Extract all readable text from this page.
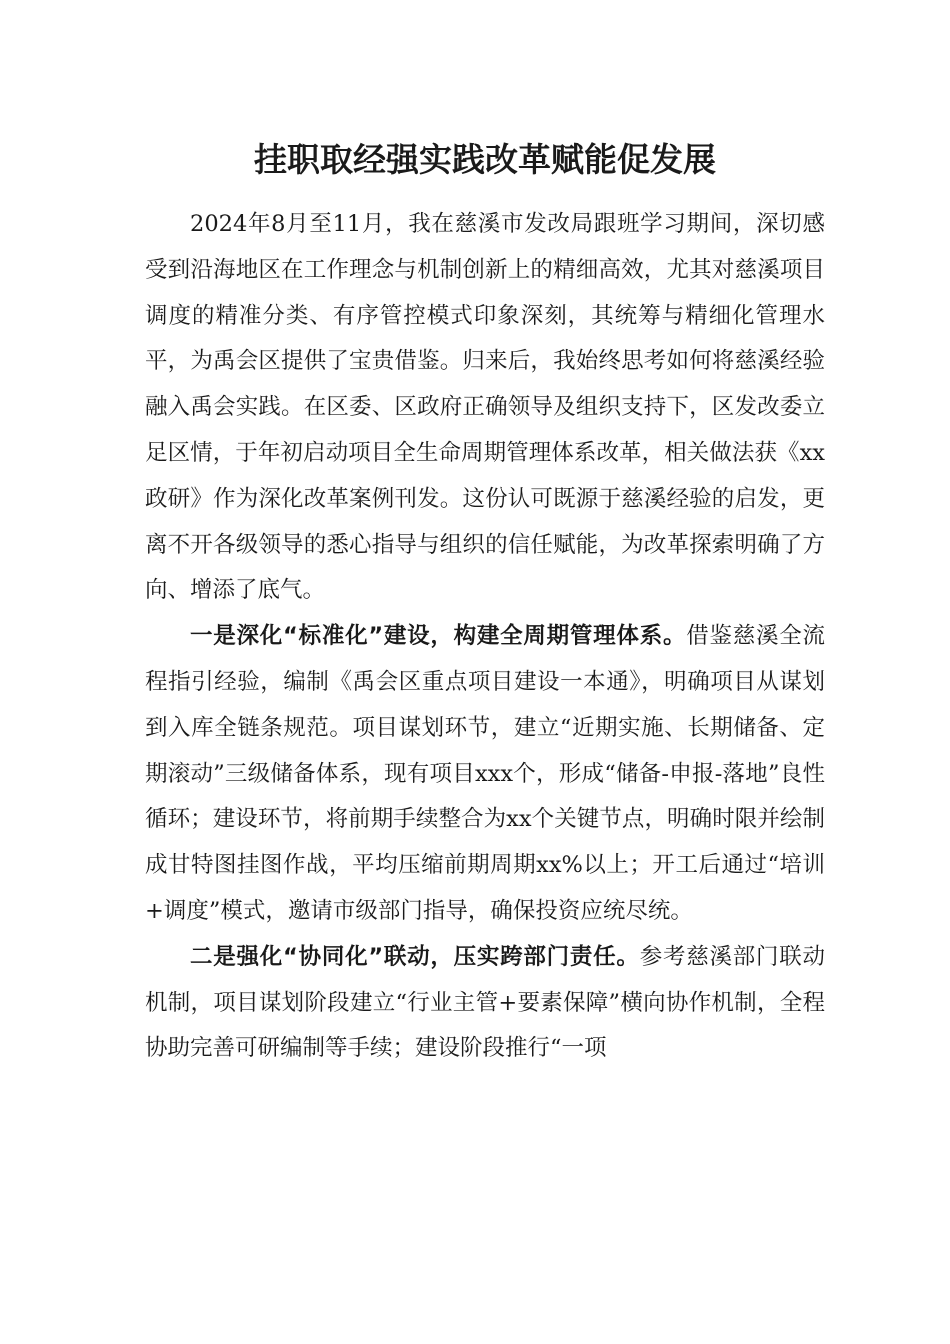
挂职取经强实践改革赋能促发展

2024年8月至11月，我在慈溪市发改局跟班学习期间，深切感受到沿海地区在工作理念与机制创新上的精细高效，尤其对慈溪项目调度的精准分类、有序管控模式印象深刻，其统筹与精细化管理水平，为禹会区提供了宝贵借鉴。归来后，我始终思考如何将慈溪经验融入禹会实践。在区委、区政府正确领导及组织支持下，区发改委立足区情，于年初启动项目全生命周期管理体系改革，相关做法获《xx政研》作为深化改革案例刊发。这份认可既源于慈溪经验的启发，更离不开各级领导的悉心指导与组织的信任赋能，为改革探索明确了方向、增添了底气。

一是深化“标准化”建设，构建全周期管理体系。借鉴慈溪全流程指引经验，编制《禹会区重点项目建设一本通》，明确项目从谋划到入库全链条规范。项目谋划环节，建立“近期实施、长期储备、定期滚动”三级储备体系，现有项目xxx个，形成“储备-申报-落地”良性循环；建设环节，将前期手续整合为xx个关键节点，明确时限并绘制成甘特图挂图作战，平均压缩前期周期xx%以上；开工后通过“培训+调度”模式，邀请市级部门指导，确保投资应统尽统。

二是强化“协同化”联动，压实跨部门责任。参考慈溪部门联动机制，项目谋划阶段建立“行业主管+要素保障”横向协作机制，全程协助完善可研编制等手续；建设阶段推行“一项
